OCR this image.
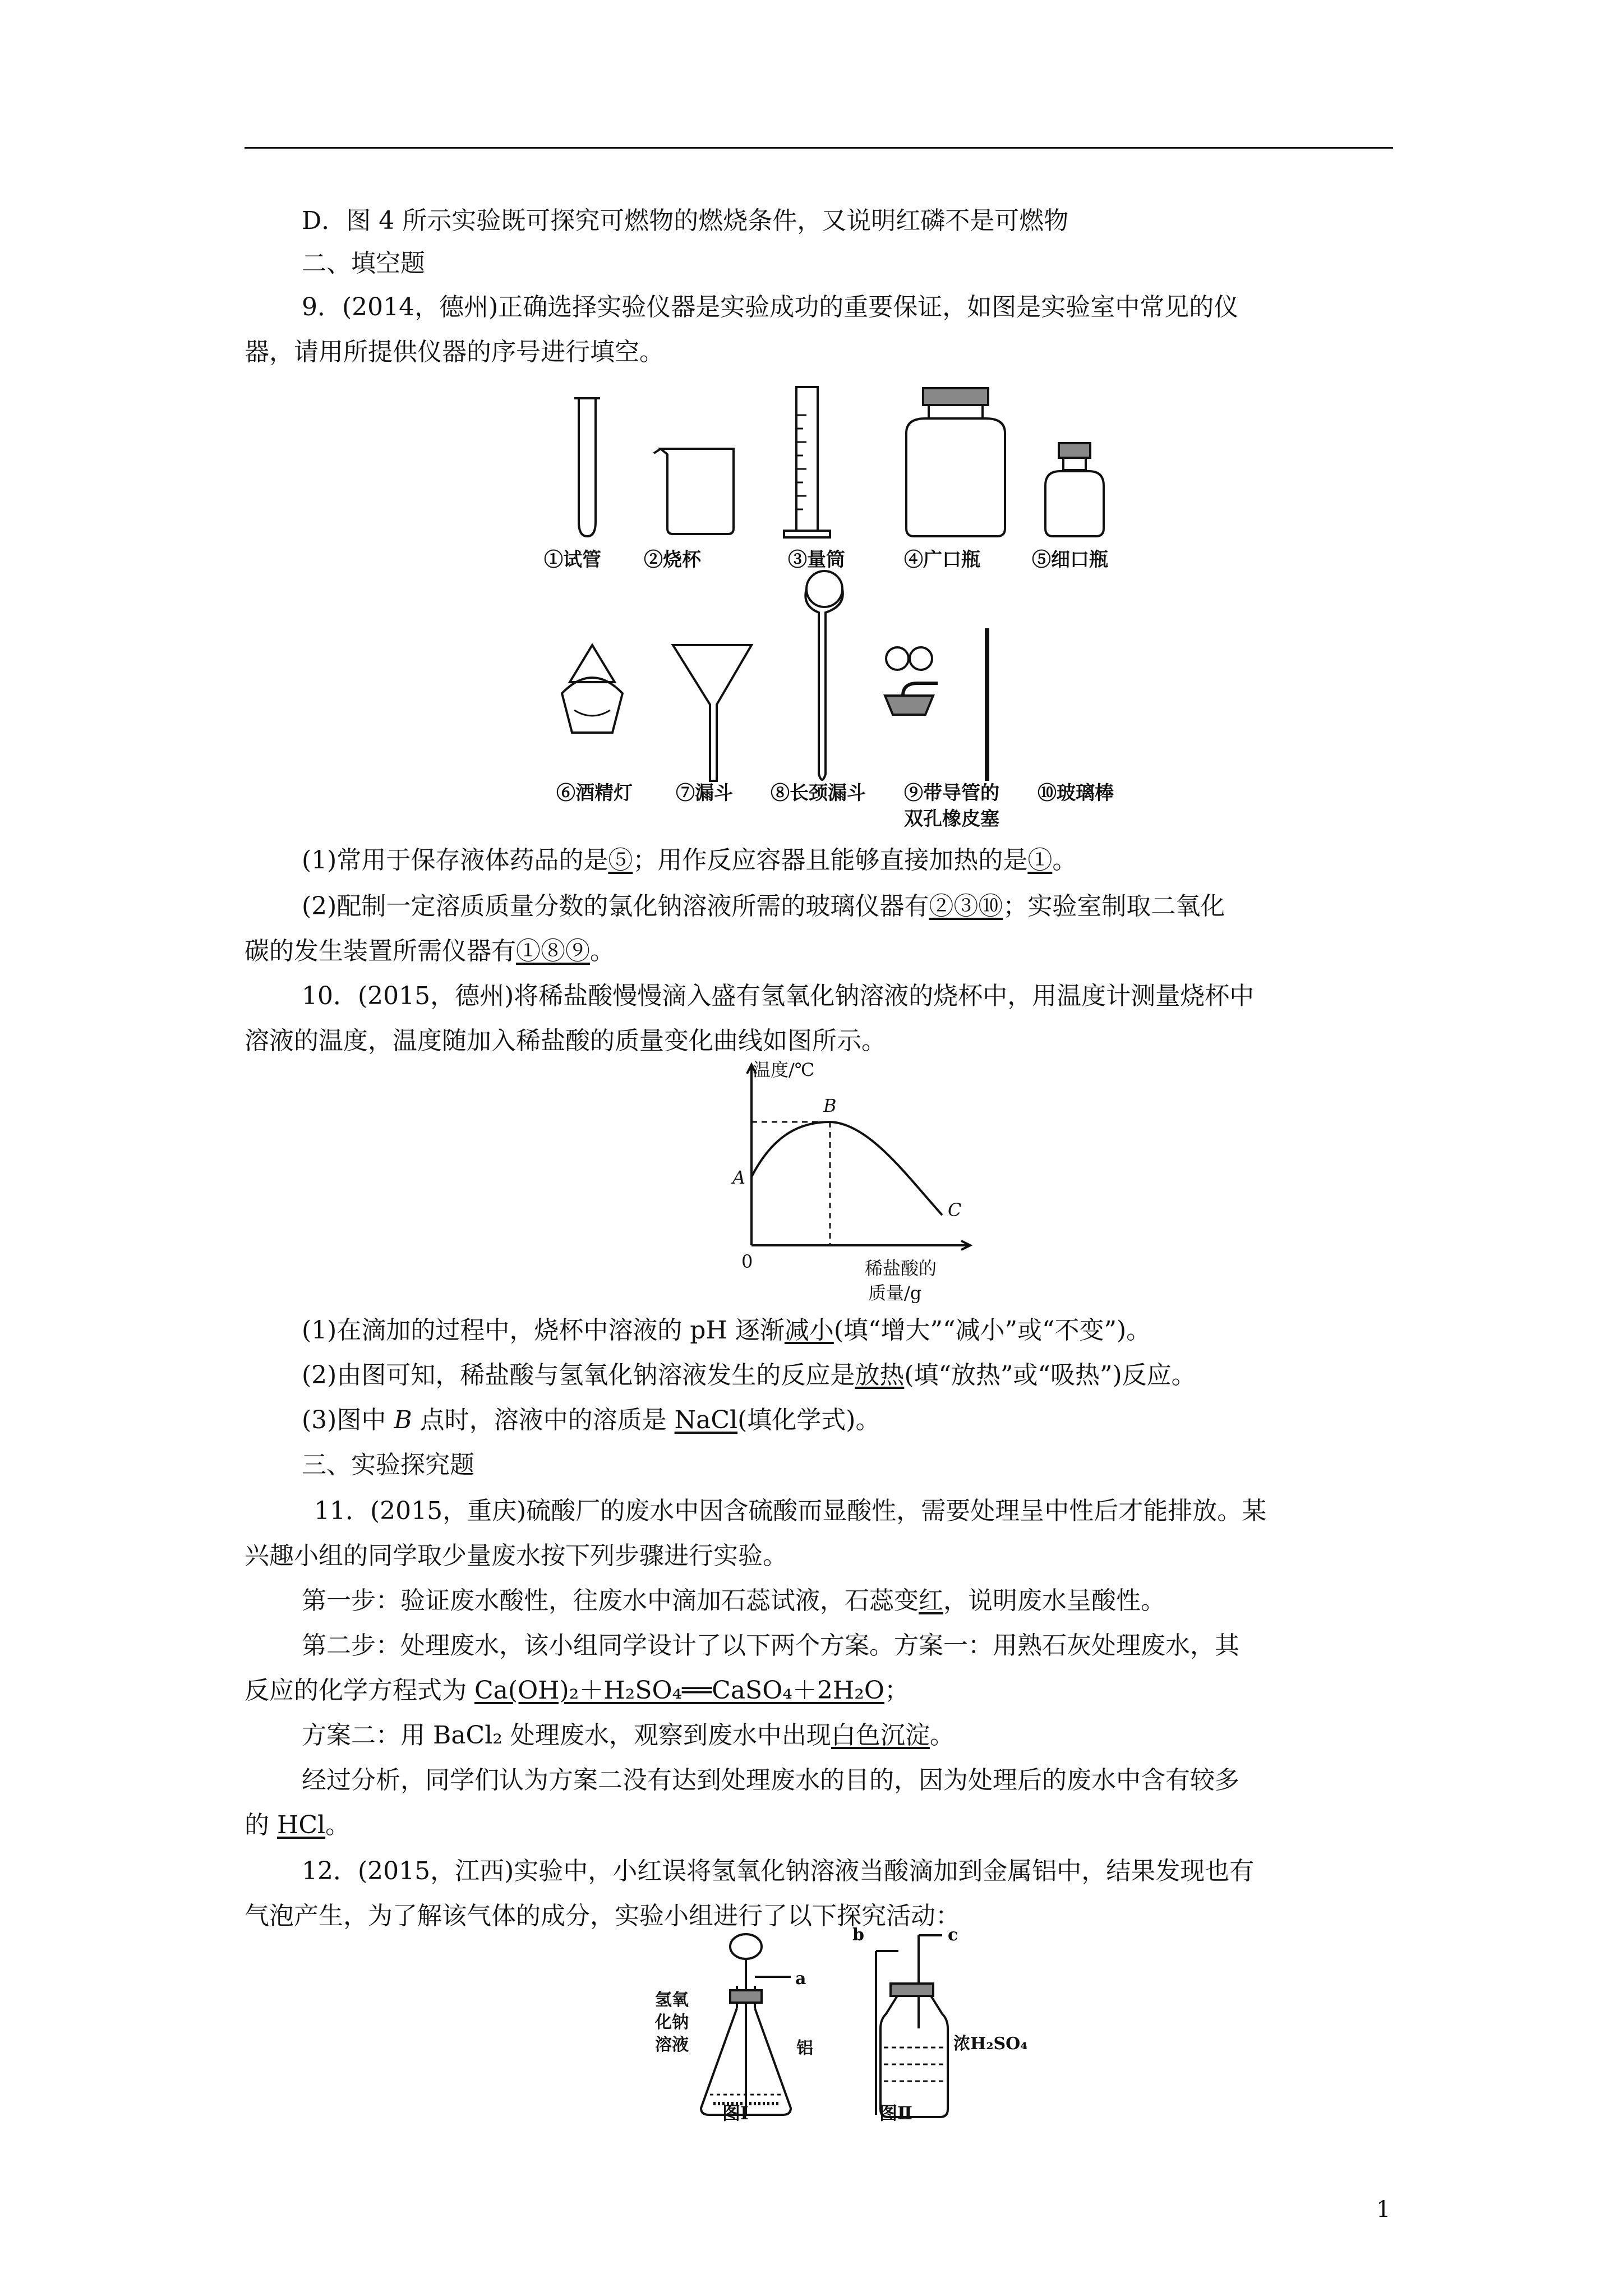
D．图 4 所示实验既可探究可燃物的燃烧条件，又说明红磷不是可燃物
二、填空题
9．(2014，德州)正确选择实验仪器是实验成功的重要保证，如图是实验室中常见的仪
器，请用所提供仪器的序号进行填空。
①试管 ②烧杯	③量筒	④广口瓶	⑤细口瓶
⑥酒精灯 ⑦漏斗 ⑧长颈漏斗 ⑨带导管的
双孔橡皮塞
⑩玻璃棒
(1)常用于保存液体药品的是⑤；用作反应容器且能够直接加热的是①。
(2)配制一定溶质质量分数的氯化钠溶液所需的玻璃仪器有②③⑩；实验室制取二氧化
碳的发生装置所需仪器有①⑧⑨。
10．(2015，德州)将稀盐酸慢慢滴入盛有氢氧化钠溶液的烧杯中，用温度计测量烧杯中
溶液的温度，温度随加入稀盐酸的质量变化曲线如图所示。
温度/℃
B
A
C
0	稀盐酸的
质量/g
(1)在滴加的过程中，烧杯中溶液的 pH 逐渐减小(填“增大”“减小”或“不变”)。
(2)由图可知，稀盐酸与氢氧化钠溶液发生的反应是放热(填“放热”或“吸热”)反应。
(3)图中 B 点时，溶液中的溶质是 NaCl(填化学式)。
三、实验探究题
11．(2015，重庆)硫酸厂的废水中因含硫酸而显酸性，需要处理呈中性后才能排放。某
兴趣小组的同学取少量废水按下列步骤进行实验。
第一步：验证废水酸性，往废水中滴加石蕊试液，石蕊变红，说明废水呈酸性。
第二步：处理废水，该小组同学设计了以下两个方案。方案一：用熟石灰处理废水，其
反应的化学方程式为 Ca(OH)₂＋H₂SO₄══CaSO₄＋2H₂O；
方案二：用 BaCl₂ 处理废水，观察到废水中出现白色沉淀。
经过分析，同学们认为方案二没有达到处理废水的目的，因为处理后的废水中含有较多
的 HCl。
12．(2015，江西)实验中，小红误将氢氧化钠溶液当酸滴加到金属铝中，结果发现也有
气泡产生，为了解该气体的成分，实验小组进行了以下探究活动：
a
氢氧
化钠
溶液	铝
图Ⅰ
b	c
浓H₂SO₄
图Ⅱ
1
